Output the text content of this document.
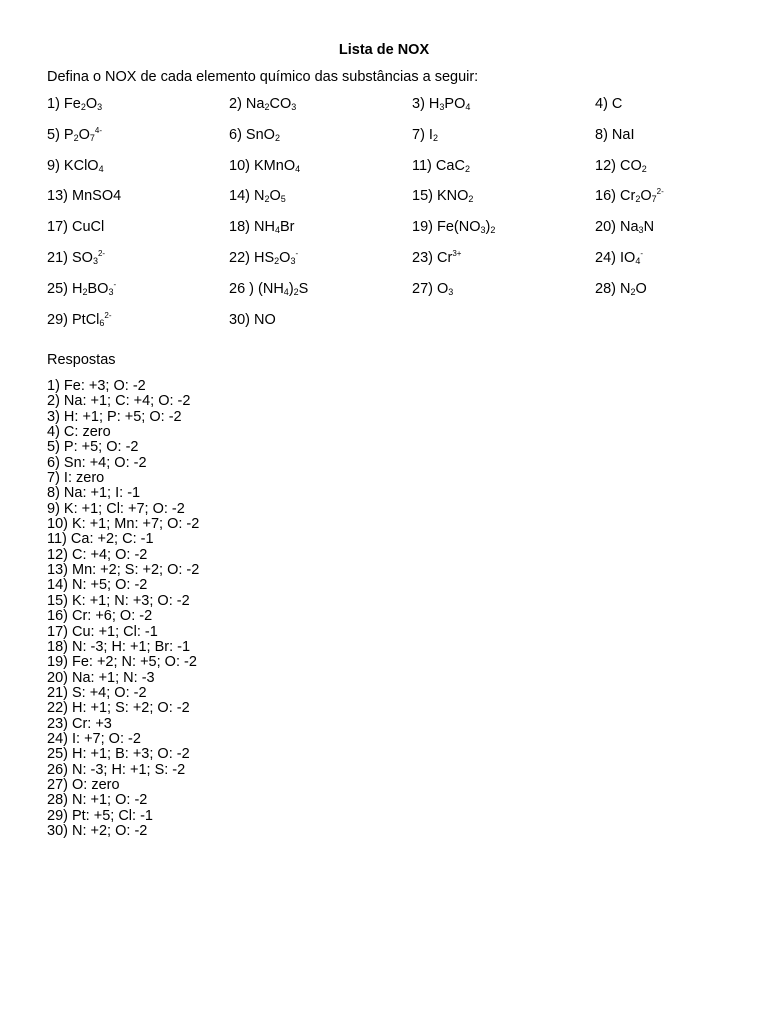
Lista de NOX
Defina o NOX de cada elemento químico das substâncias a seguir:
1) $Fe_2O_3$	2) $Na_2CO_3$	3) $H_3PO_4$	4) C
5) $P_2O_7^{4-}$	6) SnO$_2$	7) $I_2$	8) NaI
9) KClO$_4$	10) KMnO$_4$	11) CaC$_2$	12) $CO_2$
13) MnSO4	14) $N_2O_5$	15) $KNO_2$	16) $Cr_2O_7^{2-}$
17) CuCl	18) $NH_4Br$	19) $Fe(NO_3)_2$	20) $Na_3N$
21) $SO_3^{2-}$	22) $HS_2O_3^-$	23) $Cr^{3+}$	24) $IO_4^-$
25) $H_2BO_3^-$	26 ) $(NH_4)_2S$	27) $O_3$	28) $N_2O$
29) PtCl$_6^{2-}$	30) NO
Respostas
1) Fe: +3; O: -2
2) Na: +1; C: +4; O: -2
3) H: +1; P: +5; O: -2
4) C: zero
5) P: +5; O: -2
6) Sn: +4; O: -2
7) I: zero
8) Na: +1; I: -1
9) K: +1; Cl: +7; O: -2
10) K: +1; Mn: +7; O: -2
11) Ca: +2; C: -1
12) C: +4; O: -2
13) Mn: +2; S: +2; O: -2
14) N: +5; O: -2
15) K: +1; N: +3; O: -2
16) Cr: +6; O: -2
17) Cu: +1; Cl: -1
18) N: -3; H: +1; Br: -1
19) Fe: +2; N: +5; O: -2
20) Na: +1; N: -3
21) S: +4; O: -2
22) H: +1; S: +2; O: -2
23) Cr: +3
24) I: +7; O: -2
25) H: +1; B: +3; O: -2
26) N: -3; H: +1; S: -2
27) O: zero
28) N: +1; O: -2
29) Pt: +5; Cl: -1
30) N: +2; O: -2
